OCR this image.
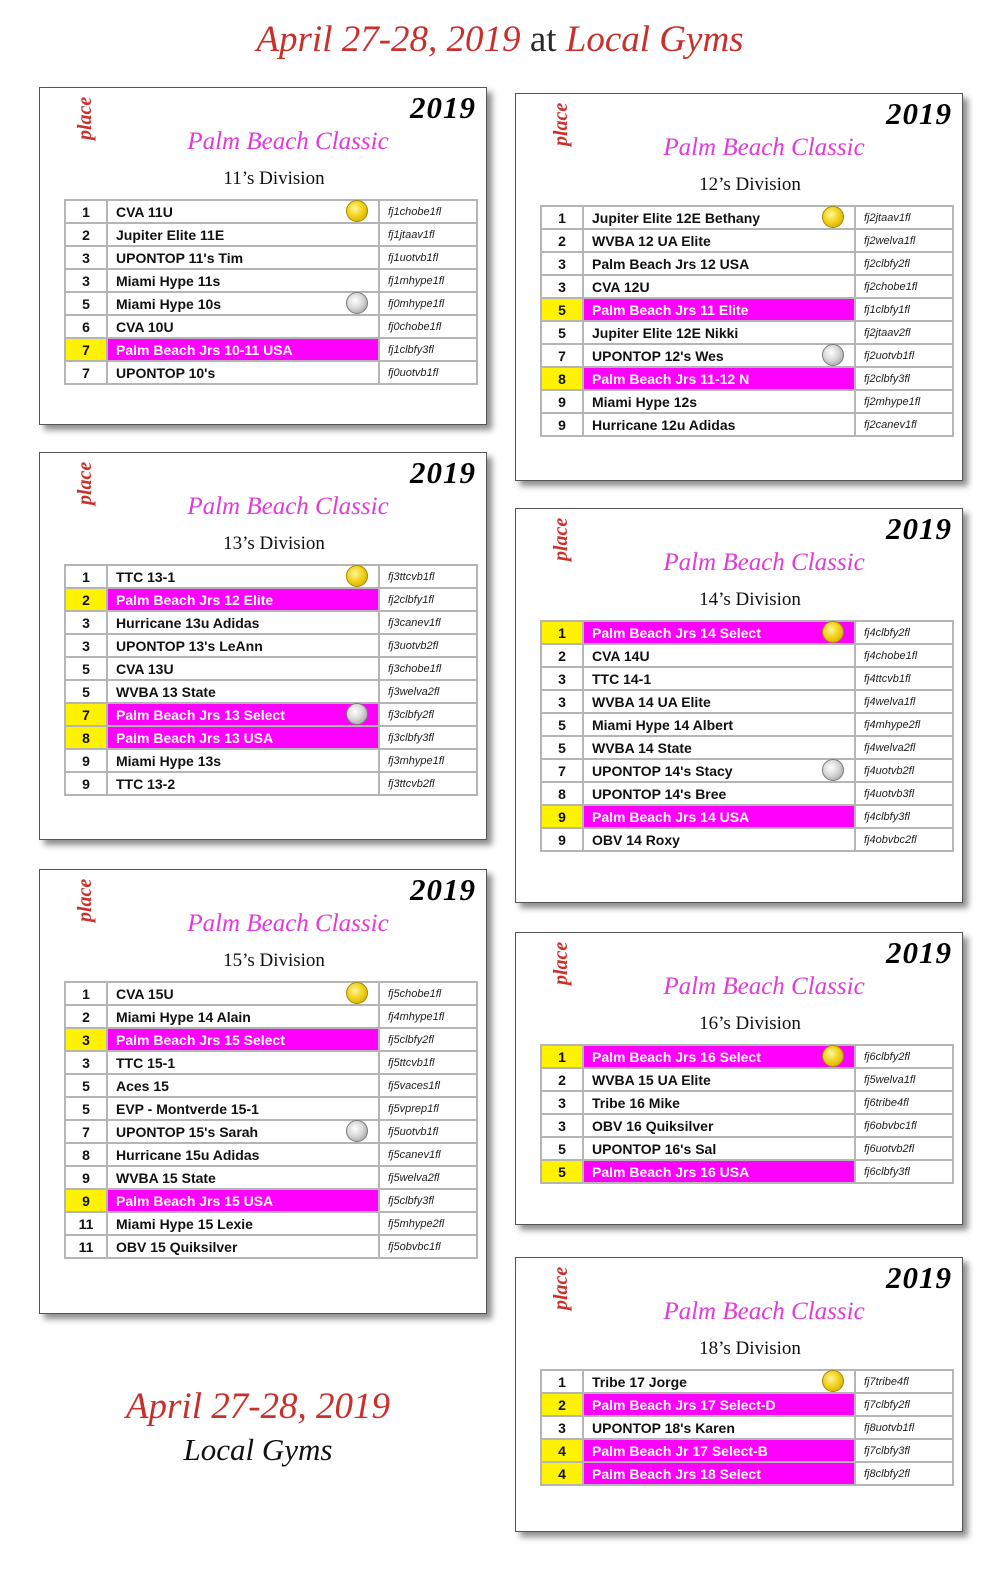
April 27-28, 2019 at Local Gyms
2019
place
Palm Beach Classic
11’s Division
1	CVA 11U	fj1chobe1fl
2	Jupiter Elite 11E	fj1jtaav1fl
3	UPONTOP 11's Tim	fj1uotvb1fl
3	Miami Hype 11s	fj1mhype1fl
5	Miami Hype 10s	fj0mhype1fl
6	CVA 10U	fj0chobe1fl
7	Palm Beach Jrs 10-11 USA	fj1clbfy3fl
7	UPONTOP 10's	fj0uotvb1fl
2019
place
Palm Beach Classic
12’s Division
1	Jupiter Elite 12E Bethany	fj2jtaav1fl
2	WVBA 12 UA Elite	fj2welva1fl
3	Palm Beach Jrs 12 USA	fj2clbfy2fl
3	CVA 12U	fj2chobe1fl
5	Palm Beach Jrs 11 Elite	fj1clbfy1fl
5	Jupiter Elite 12E Nikki	fj2jtaav2fl
7	UPONTOP 12's Wes	fj2uotvb1fl
8	Palm Beach Jrs 11-12 N	fj2clbfy3fl
9	Miami Hype 12s	fj2mhype1fl
9	Hurricane 12u Adidas	fj2canev1fl
2019
place
Palm Beach Classic
13’s Division
1	TTC 13-1	fj3ttcvb1fl
2	Palm Beach Jrs 12 Elite	fj2clbfy1fl
3	Hurricane 13u Adidas	fj3canev1fl
3	UPONTOP 13's LeAnn	fj3uotvb2fl
5	CVA 13U	fj3chobe1fl
5	WVBA 13 State	fj3welva2fl
7	Palm Beach Jrs 13 Select	fj3clbfy2fl
8	Palm Beach Jrs 13 USA	fj3clbfy3fl
9	Miami Hype 13s	fj3mhype1fl
9	TTC 13-2	fj3ttcvb2fl
2019
place
Palm Beach Classic
14’s Division
1	Palm Beach Jrs 14 Select	fj4clbfy2fl
2	CVA 14U	fj4chobe1fl
3	TTC 14-1	fj4ttcvb1fl
3	WVBA 14 UA Elite	fj4welva1fl
5	Miami Hype 14 Albert	fj4mhype2fl
5	WVBA 14 State	fj4welva2fl
7	UPONTOP 14's Stacy	fj4uotvb2fl
8	UPONTOP 14's Bree	fj4uotvb3fl
9	Palm Beach Jrs 14 USA	fj4clbfy3fl
9	OBV 14 Roxy	fj4obvbc2fl
2019
place
Palm Beach Classic
15’s Division
1	CVA 15U	fj5chobe1fl
2	Miami Hype 14 Alain	fj4mhype1fl
3	Palm Beach Jrs 15 Select	fj5clbfy2fl
3	TTC 15-1	fj5ttcvb1fl
5	Aces 15	fj5vaces1fl
5	EVP - Montverde 15-1	fj5vprep1fl
7	UPONTOP 15's Sarah	fj5uotvb1fl
8	Hurricane 15u Adidas	fj5canev1fl
9	WVBA 15 State	fj5welva2fl
9	Palm Beach Jrs 15 USA	fj5clbfy3fl
11	Miami Hype 15 Lexie	fj5mhype2fl
11	OBV 15 Quiksilver	fj5obvbc1fl
2019
place
Palm Beach Classic
16’s Division
1	Palm Beach Jrs 16 Select	fj6clbfy2fl
2	WVBA 15 UA Elite	fj5welva1fl
3	Tribe 16 Mike	fj6tribe4fl
3	OBV 16 Quiksilver	fj6obvbc1fl
5	UPONTOP 16's Sal	fj6uotvb2fl
5	Palm Beach Jrs 16 USA	fj6clbfy3fl
2019
place
Palm Beach Classic
18’s Division
1	Tribe 17 Jorge	fj7tribe4fl
2	Palm Beach Jrs 17 Select-D	fj7clbfy2fl
3	UPONTOP 18's Karen	fj8uotvb1fl
4	Palm Beach Jr 17 Select-B	fj7clbfy3fl
4	Palm Beach Jrs 18 Select	fj8clbfy2fl
April 27-28, 2019
Local Gyms
